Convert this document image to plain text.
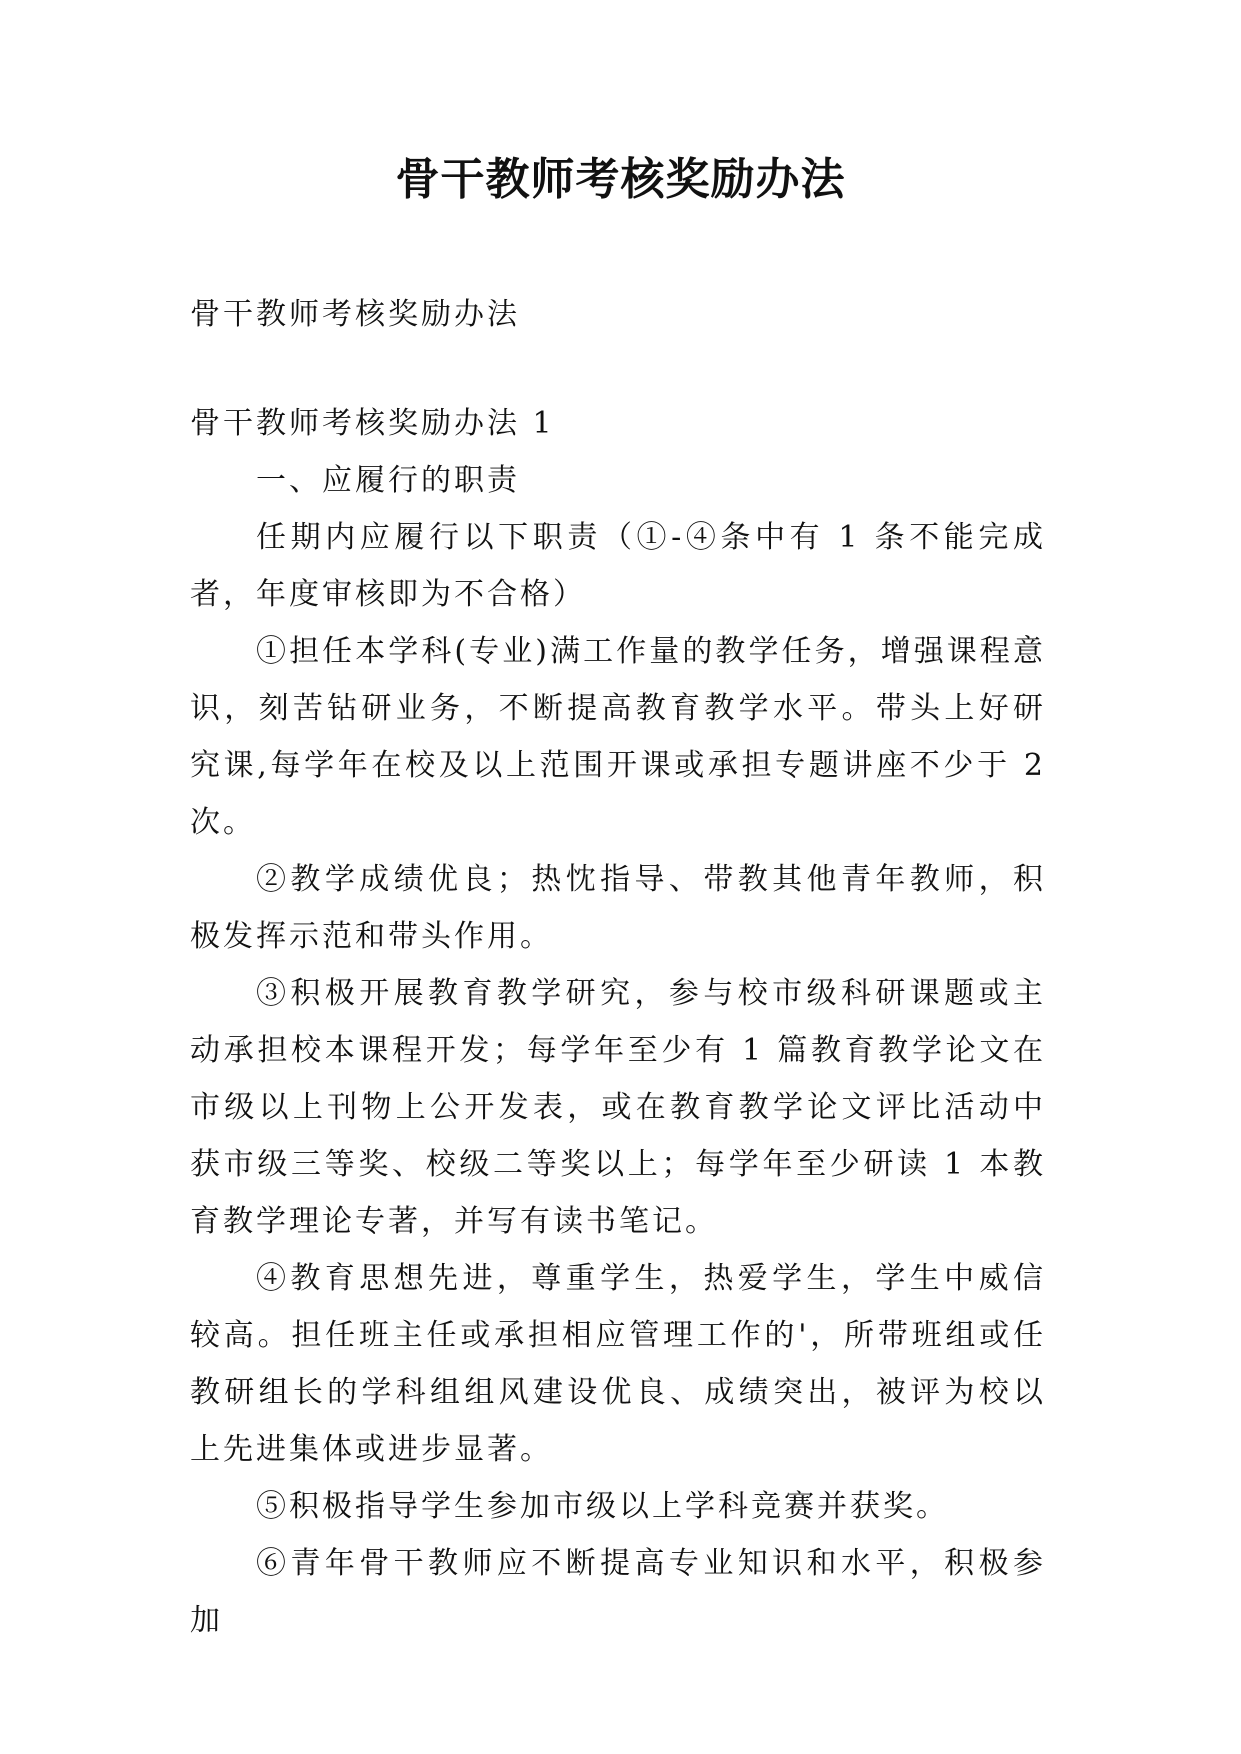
骨干教师考核奖励办法

骨干教师考核奖励办法

骨干教师考核奖励办法 1

一、应履行的职责

任期内应履行以下职责（①-④条中有 1 条不能完成者，年度审核即为不合格）

①担任本学科(专业)满工作量的教学任务，增强课程意识，刻苦钻研业务，不断提高教育教学水平。带头上好研究课,每学年在校及以上范围开课或承担专题讲座不少于 2 次。

②教学成绩优良；热忱指导、带教其他青年教师，积极发挥示范和带头作用。

③积极开展教育教学研究，参与校市级科研课题或主动承担校本课程开发；每学年至少有 1 篇教育教学论文在市级以上刊物上公开发表，或在教育教学论文评比活动中获市级三等奖、校级二等奖以上；每学年至少研读 1 本教育教学理论专著，并写有读书笔记。

④教育思想先进，尊重学生，热爱学生，学生中威信较高。担任班主任或承担相应管理工作的'，所带班组或任教研组长的学科组组风建设优良、成绩突出，被评为校以上先进集体或进步显著。

⑤积极指导学生参加市级以上学科竞赛并获奖。

⑥青年骨干教师应不断提高专业知识和水平，积极参加
